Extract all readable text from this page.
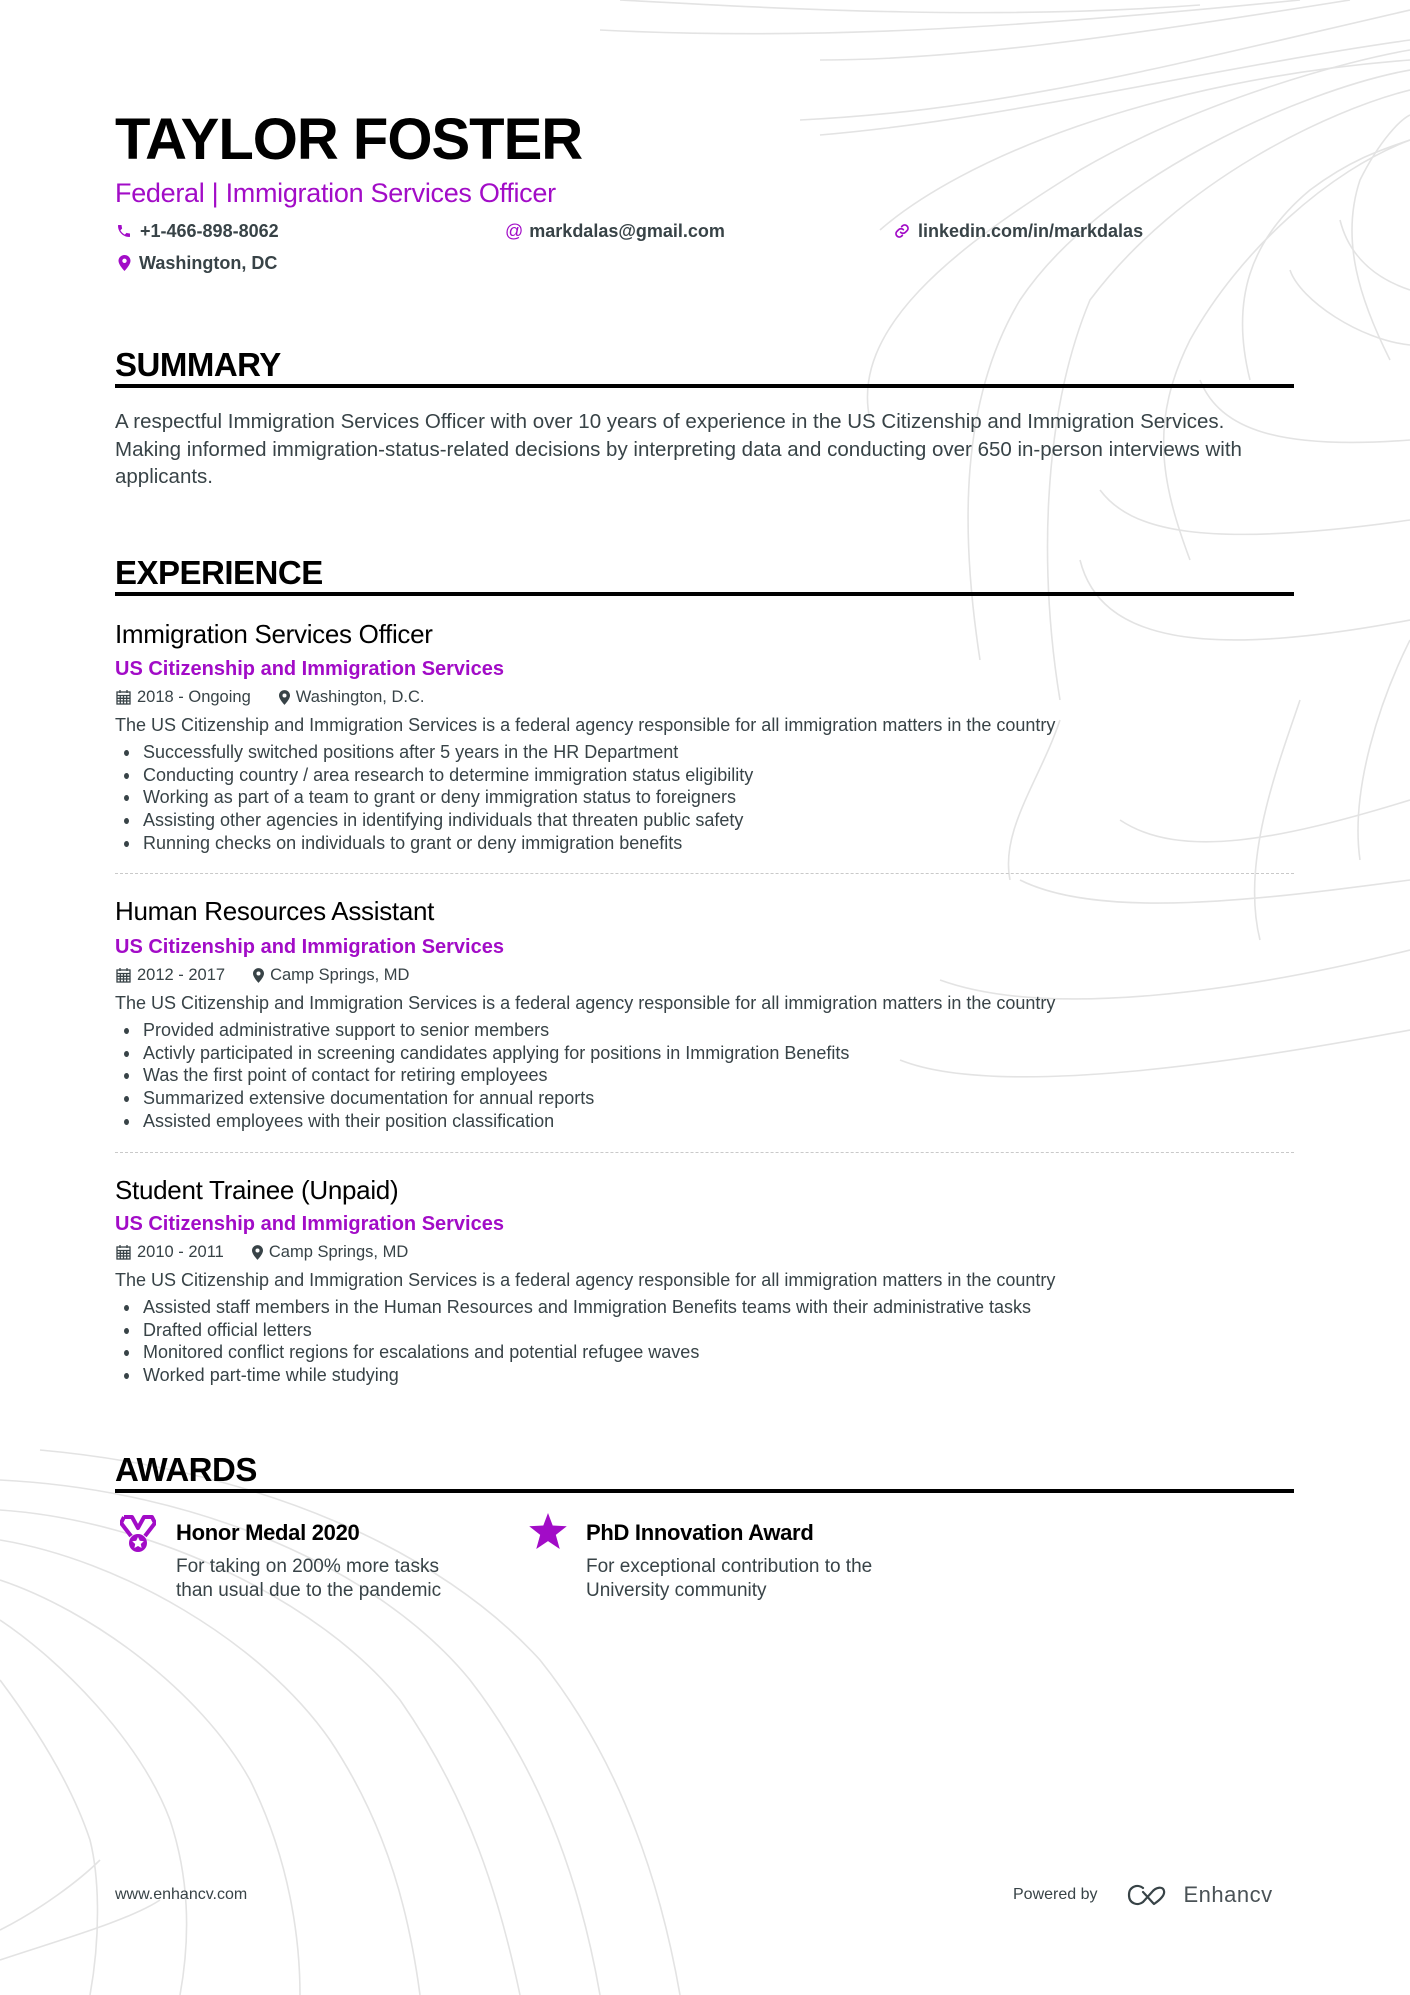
TAYLOR FOSTER
Federal | Immigration Services Officer
+1-466-898-8062	@ markdalas@gmail.com	linkedin.com/in/markdalas
Washington, DC
SUMMARY
A respectful Immigration Services Officer with over 10 years of experience in the US Citizenship and Immigration Services. Making informed immigration-status-related decisions by interpreting data and conducting over 650 in-person interviews with applicants.
EXPERIENCE
Immigration Services Officer
US Citizenship and Immigration Services
2018 - Ongoing	Washington, D.C.
The US Citizenship and Immigration Services is a federal agency responsible for all immigration matters in the country
Successfully switched positions after 5 years in the HR Department
Conducting country / area research to determine immigration status eligibility
Working as part of a team to grant or deny immigration status to foreigners
Assisting other agencies in identifying individuals that threaten public safety
Running checks on individuals to grant or deny immigration benefits
Human Resources Assistant
US Citizenship and Immigration Services
2012 - 2017	Camp Springs, MD
The US Citizenship and Immigration Services is a federal agency responsible for all immigration matters in the country
Provided administrative support to senior members
Activly participated in screening candidates applying for positions in Immigration Benefits
Was the first point of contact for retiring employees
Summarized extensive documentation for annual reports
Assisted employees with their position classification
Student Trainee (Unpaid)
US Citizenship and Immigration Services
2010 - 2011	Camp Springs, MD
The US Citizenship and Immigration Services is a federal agency responsible for all immigration matters in the country
Assisted staff members in the Human Resources and Immigration Benefits teams with their administrative tasks
Drafted official letters
Monitored conflict regions for escalations and potential refugee waves
Worked part-time while studying
AWARDS
Honor Medal 2020
For taking on 200% more tasks than usual due to the pandemic
PhD Innovation Award
For exceptional contribution to the University community
www.enhancv.com	Powered by	Enhancv
